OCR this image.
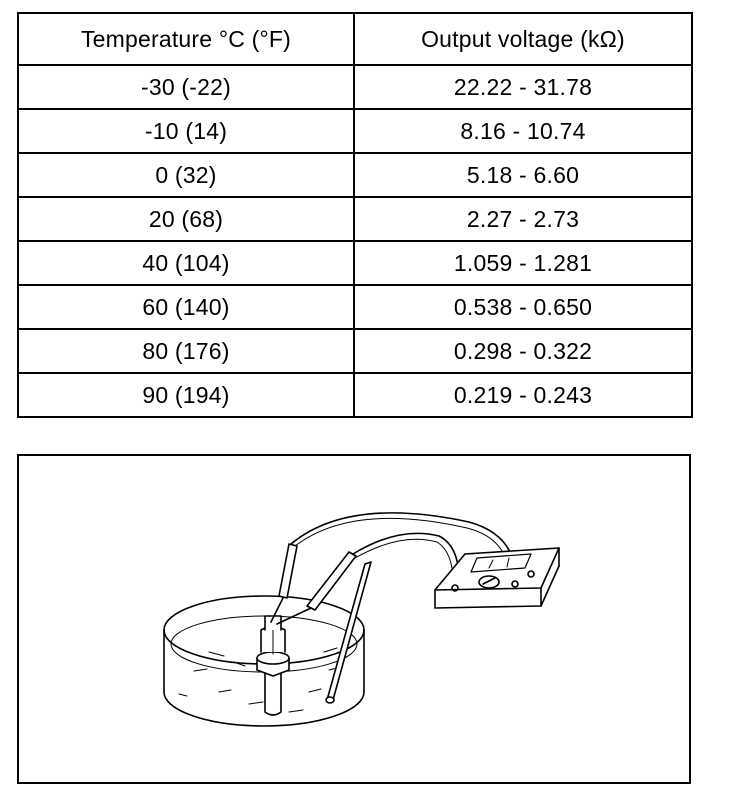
Temperature °C (°F)	Output voltage (kΩ)
-30 (-22)	22.22 - 31.78
-10 (14)	8.16 - 10.74
0 (32)	5.18 - 6.60
20 (68)	2.27 - 2.73
40 (104)	1.059 - 1.281
60 (140)	0.538 - 0.650
80 (176)	0.298 - 0.322
90 (194)	0.219 - 0.243
